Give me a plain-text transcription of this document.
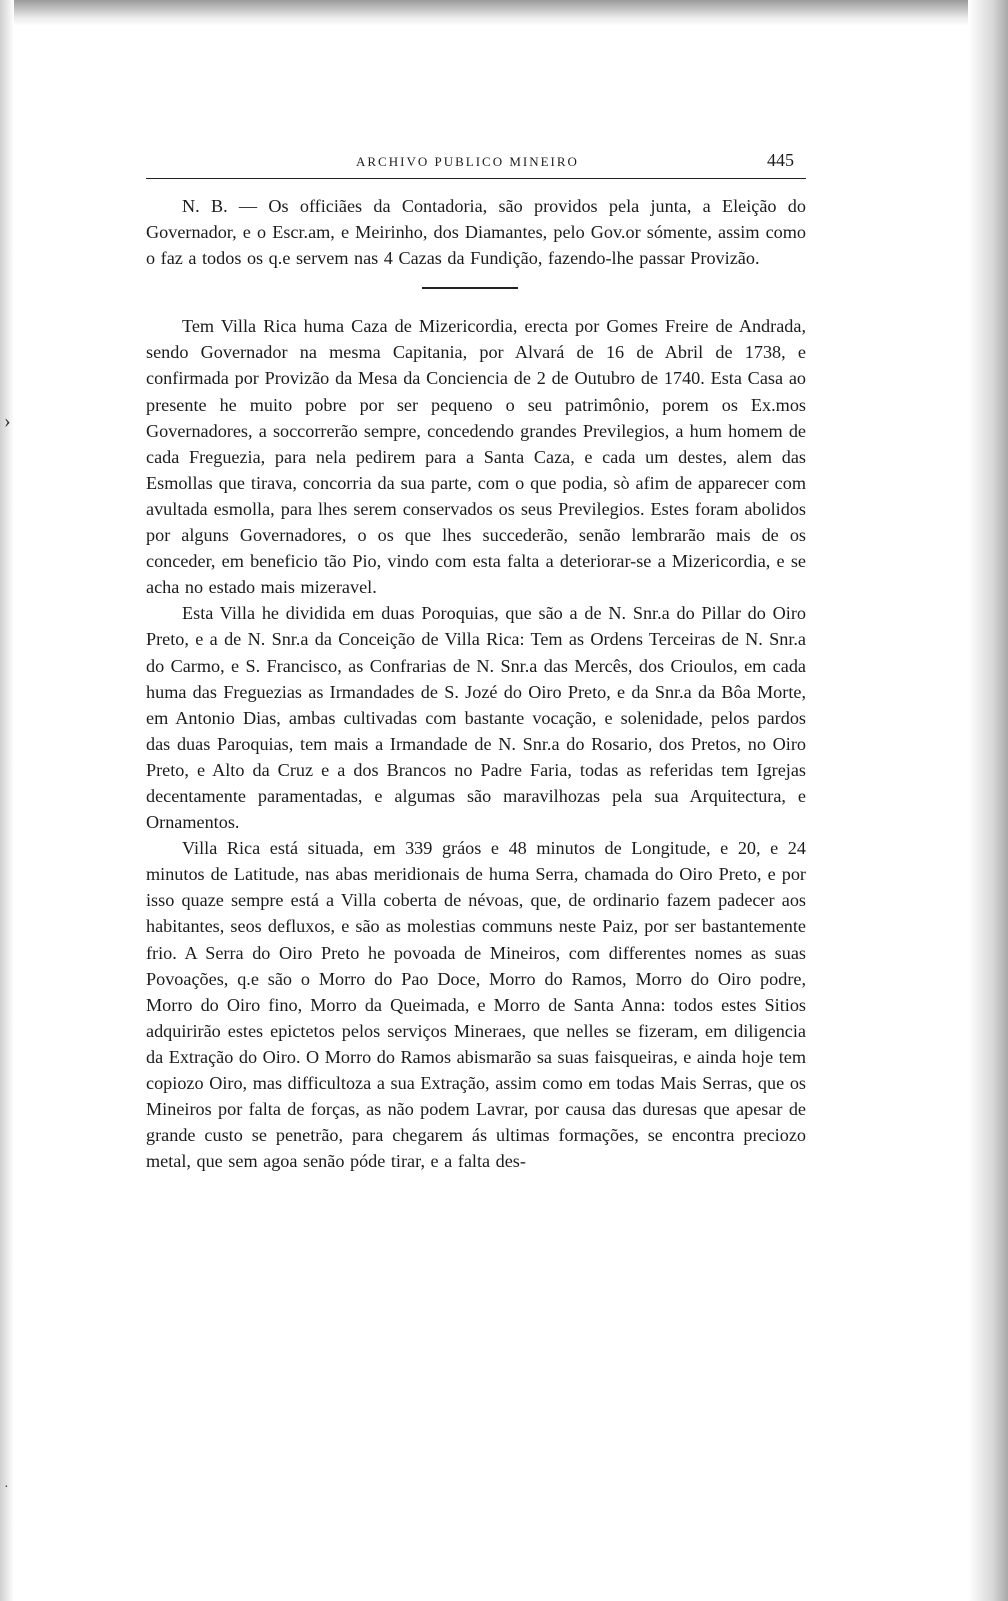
›
·
ARCHIVO PUBLICO MINEIRO	445

N. B. — Os officiães da Contadoria, são providos pela junta, a Eleição do Governador, e o Escr.am, e Meirinho, dos Diamantes, pelo Gov.or sómente, assim como o faz a todos os q.e servem nas 4 Cazas da Fundição, fazendo-lhe passar Provizão.

Tem Villa Rica huma Caza de Mizericordia, erecta por Gomes Freire de Andrada, sendo Governador na mesma Capitania, por Alvará de 16 de Abril de 1738, e confirmada por Provizão da Mesa da Conciencia de 2 de Outubro de 1740. Esta Casa ao presente he muito pobre por ser pequeno o seu patrimônio, porem os Ex.mos Governadores, a soccorrerão sempre, concedendo grandes Previlegios, a hum homem de cada Freguezia, para nela pedirem para a Santa Caza, e cada um destes, alem das Esmollas que tirava, concorria da sua parte, com o que podia, sò afim de apparecer com avultada esmolla, para lhes serem conservados os seus Previlegios. Estes foram abolidos por alguns Governadores, o os que lhes succederão, senão lembrarão mais de os conceder, em beneficio tão Pio, vindo com esta falta a deteriorar-se a Mizericordia, e se acha no estado mais mizeravel.

Esta Villa he dividida em duas Poroquias, que são a de N. Snr.a do Pillar do Oiro Preto, e a de N. Snr.a da Conceição de Villa Rica: Tem as Ordens Terceiras de N. Snr.a do Carmo, e S. Francisco, as Confrarias de N. Snr.a das Mercês, dos Crioulos, em cada huma das Freguezias as Irmandades de S. Jozé do Oiro Preto, e da Snr.a da Bôa Morte, em Antonio Dias, ambas cultivadas com bastante vocação, e solenidade, pelos pardos das duas Paroquias, tem mais a Irmandade de N. Snr.a do Rosario, dos Pretos, no Oiro Preto, e Alto da Cruz e a dos Brancos no Padre Faria, todas as referidas tem Igrejas decentamente paramentadas, e algumas são maravilhozas pela sua Arquitectura, e Ornamentos.

Villa Rica está situada, em 339 gráos e 48 minutos de Longitude, e 20, e 24 minutos de Latitude, nas abas meridionais de huma Serra, chamada do Oiro Preto, e por isso quaze sempre está a Villa coberta de névoas, que, de ordinario fazem padecer aos habitantes, seos defluxos, e são as molestias communs neste Paiz, por ser bastantemente frio. A Serra do Oiro Preto he povoada de Mineiros, com differentes nomes as suas Povoações, q.e são o Morro do Pao Doce, Morro do Ramos, Morro do Oiro podre, Morro do Oiro fino, Morro da Queimada, e Morro de Santa Anna: todos estes Sitios adquirirão estes epictetos pelos serviços Mineraes, que nelles se fizeram, em diligencia da Extração do Oiro. O Morro do Ramos abismarão sa suas faisqueiras, e ainda hoje tem copiozo Oiro, mas difficultoza a sua Extração, assim como em todas Mais Serras, que os Mineiros por falta de forças, as não podem Lavrar, por causa das duresas que apesar de grande custo se penetrão, para chegarem ás ultimas formações, se encontra preciozo metal, que sem agoa senão póde tirar, e a falta des-
